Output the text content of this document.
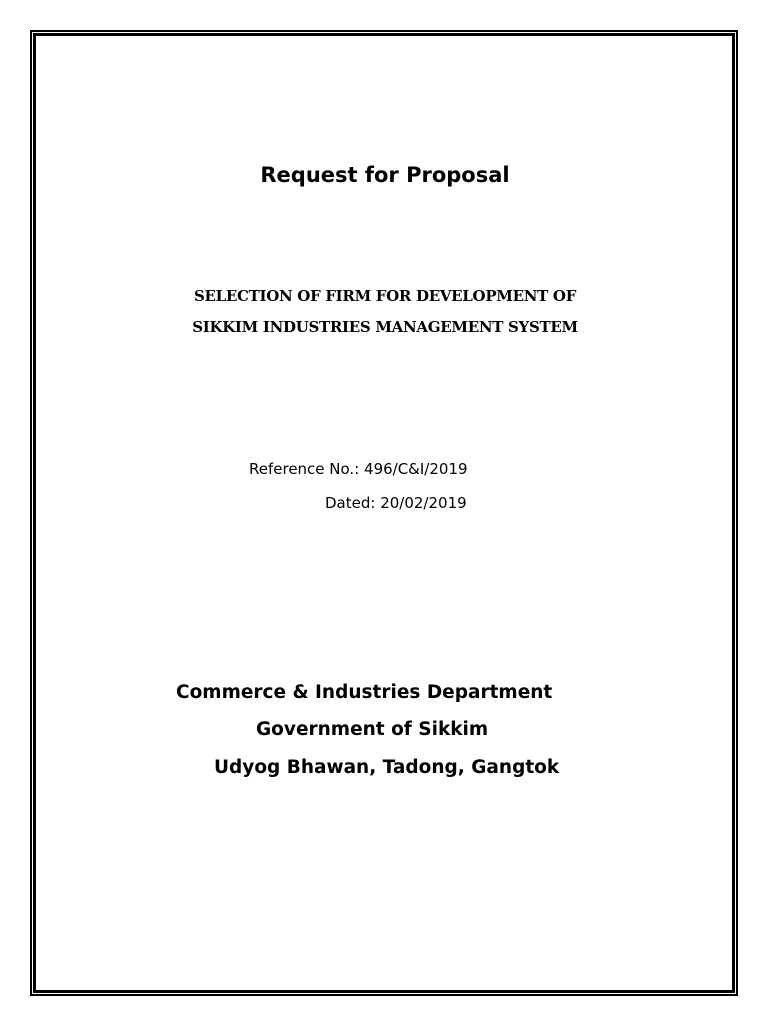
Request for Proposal
SELECTION OF FIRM FOR DEVELOPMENT OF
SIKKIM INDUSTRIES MANAGEMENT SYSTEM
Reference No.: 496/C&I/2019
Dated: 20/02/2019
Commerce & Industries Department
Government of Sikkim
Udyog Bhawan, Tadong, Gangtok
